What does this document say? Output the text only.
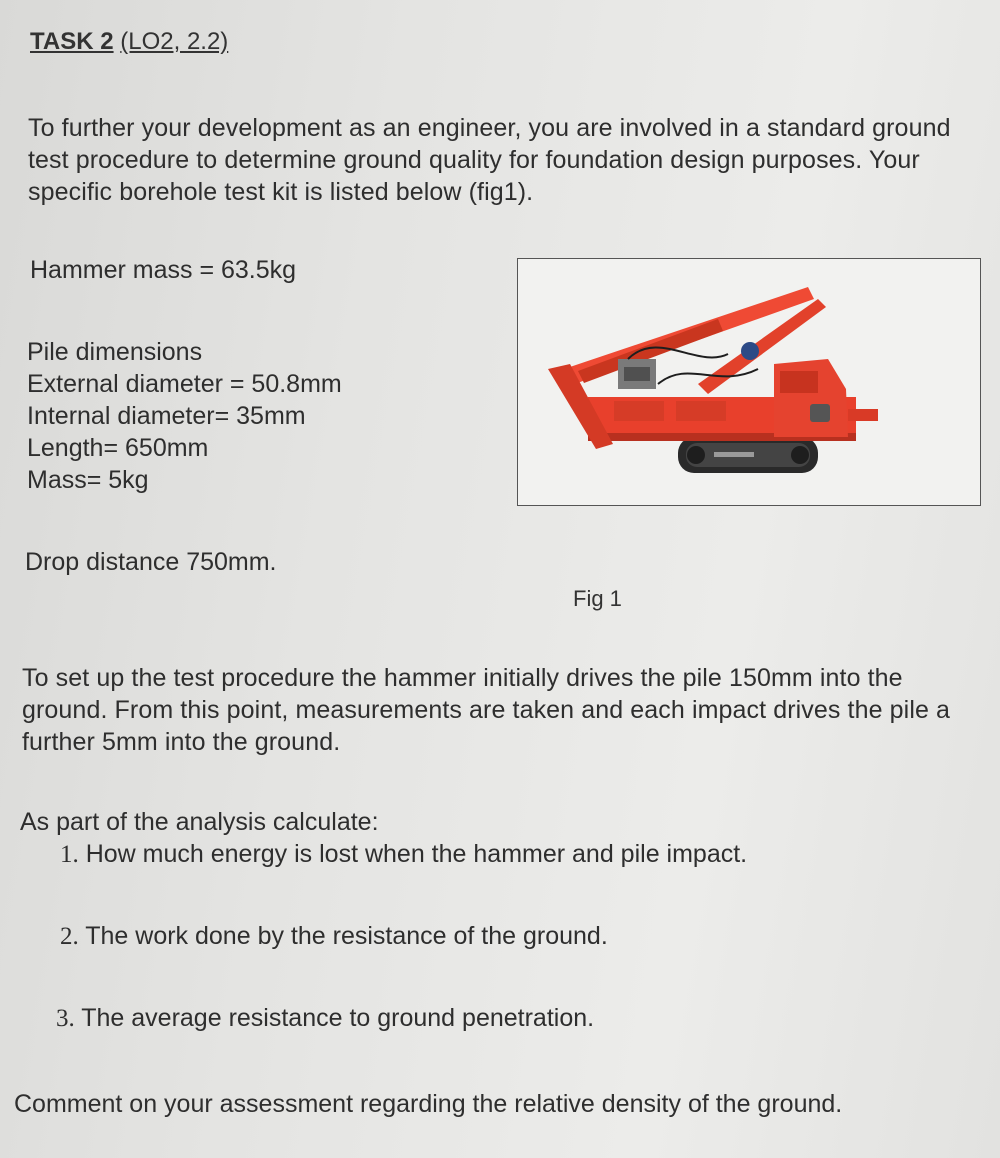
TASK 2 (LO2, 2.2)

To further your development as an engineer, you are involved in a standard ground test procedure to determine ground quality for foundation design purposes. Your specific borehole test kit is listed below (fig1).

Hammer mass = 63.5kg
Pile dimensions
External diameter = 50.8mm
Internal diameter= 35mm
Length= 650mm
Mass= 5kg
Drop distance 750mm.
Fig 1

To set up the test procedure the hammer initially drives the pile 150mm into the ground. From this point, measurements are taken and each impact drives the pile a further 5mm into the ground.

As part of the analysis calculate:
1. How much energy is lost when the hammer and pile impact.
2. The work done by the resistance of the ground.
3. The average resistance to ground penetration.
Comment on your assessment regarding the relative density of the ground.
